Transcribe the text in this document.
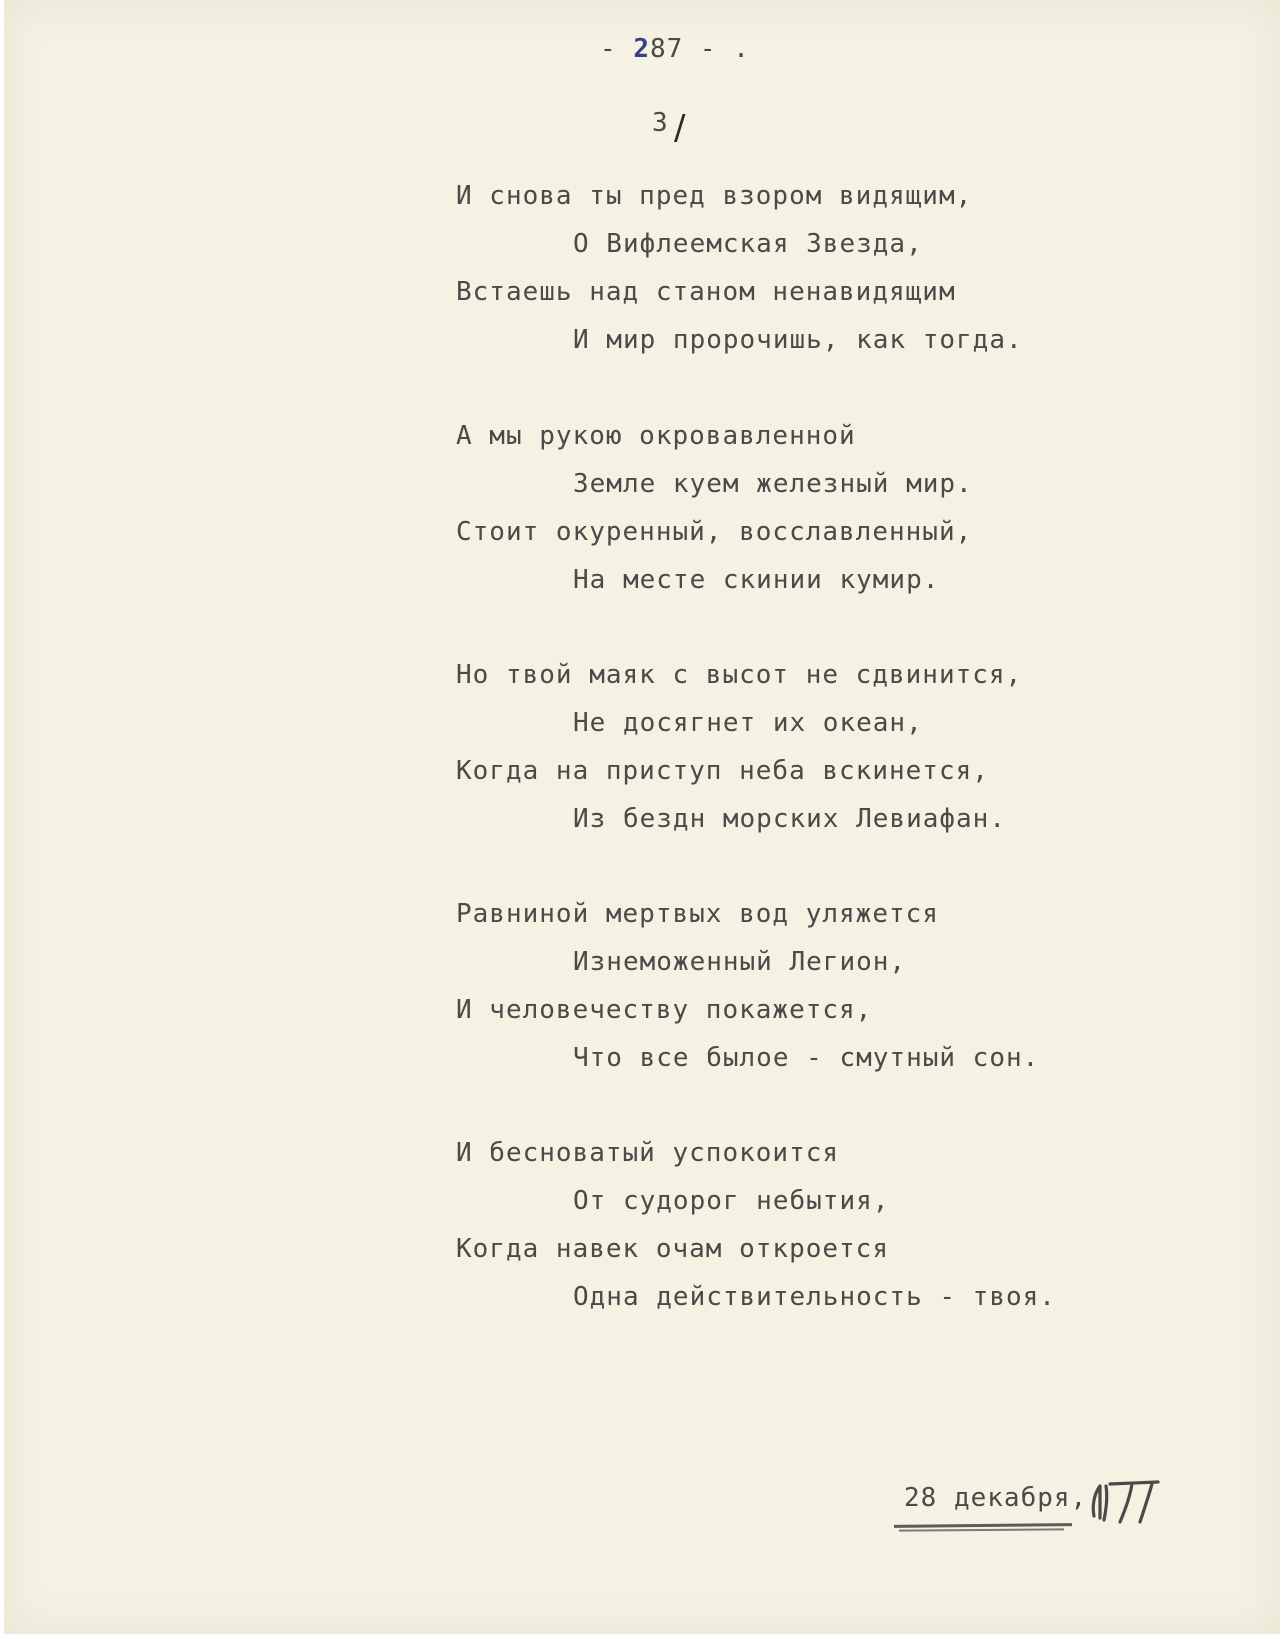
- 287 - .
3 /
И снова ты пред взором видящим,
О Вифлеемская Звезда,
Встаешь над станом ненавидящим
И мир пророчишь, как тогда.
А мы рукою окровавленной
Земле куем железный мир.
Стоит окуренный, восславленный,
На месте скинии кумир.
Но твой маяк с высот не сдвинится,
Не досягнет их океан,
Когда на приступ неба вскинется,
Из бездн морских Левиафан.
Равниной мертвых вод уляжется
Изнеможенный Легион,
И человечеству покажется,
Что все былое - смутный сон.
И бесноватый успокоится
От судорог небытия,
Когда навек очам откроется
Одна действительность - твоя.
28 декабря,
